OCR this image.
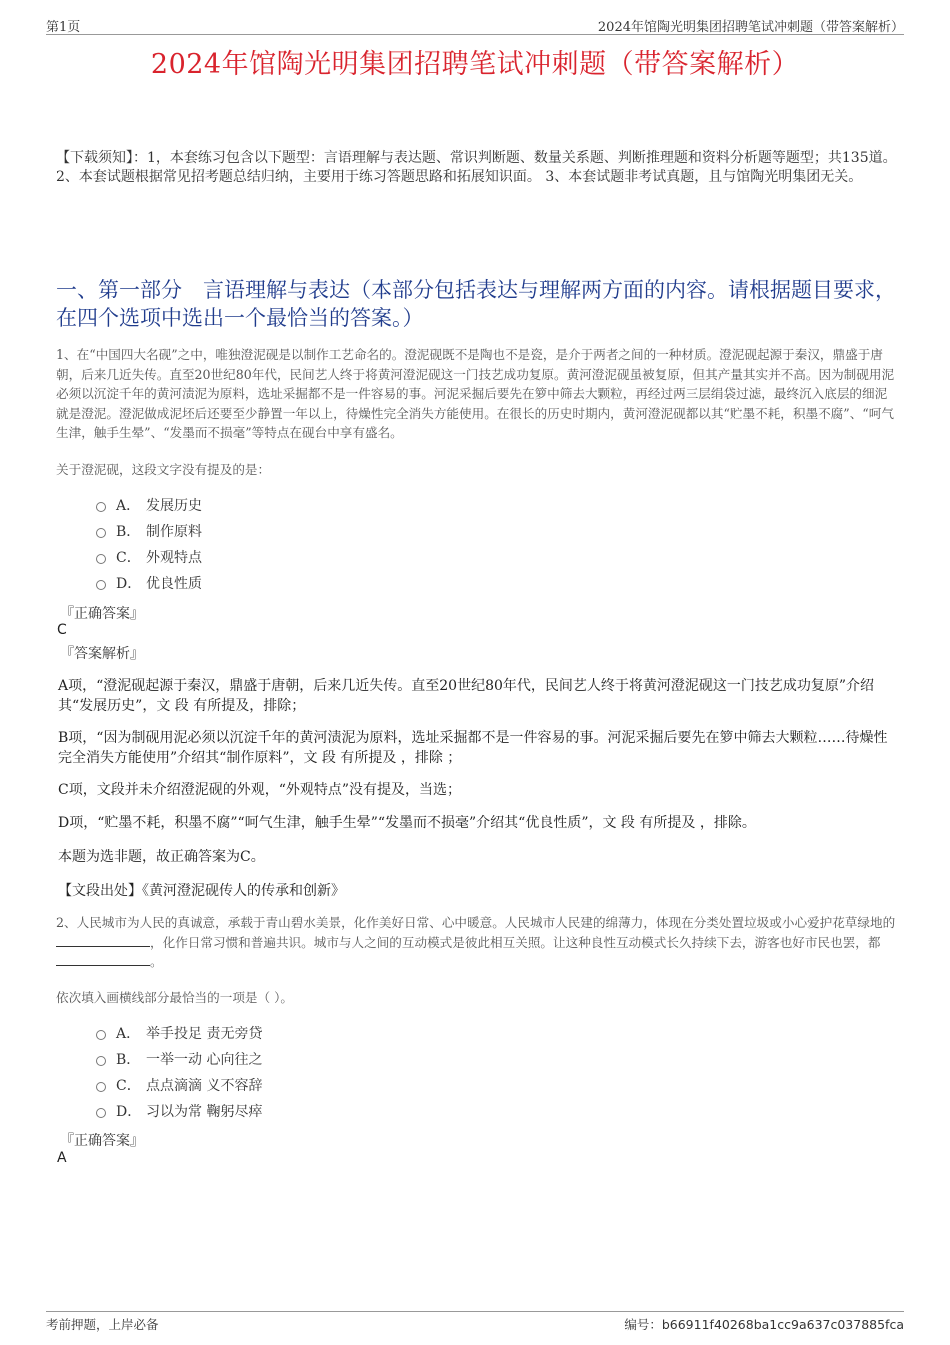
第1页	2024年馆陶光明集团招聘笔试冲刺题（带答案解析）
2024年馆陶光明集团招聘笔试冲刺题（带答案解析）
【下载须知】：1，本套练习包含以下题型：言语理解与表达题、常识判断题、数量关系题、判断推理题和资料分析题等题型；共135道。 2、本套试题根据常见招考题总结归纳，主要用于练习答题思路和拓展知识面。 3、本套试题非考试真题，且与馆陶光明集团无关。
一、第一部分　言语理解与表达（本部分包括表达与理解两方面的内容。请根据题目要求，在四个选项中选出一个最恰当的答案。）
1、在“中国四大名砚”之中，唯独澄泥砚是以制作工艺命名的。澄泥砚既不是陶也不是瓷，是介于两者之间的一种材质。澄泥砚起源于秦汉，鼎盛于唐朝，后来几近失传。直至20世纪80年代，民间艺人终于将黄河澄泥砚这一门技艺成功复原。黄河澄泥砚虽被复原，但其产量其实并不高。因为制砚用泥必须以沉淀千年的黄河渍泥为原料，选址采掘都不是一件容易的事。河泥采掘后要先在箩中筛去大颗粒，再经过两三层绢袋过滤，最终沉入底层的细泥就是澄泥。澄泥做成泥坯后还要至少静置一年以上，待燥性完全消失方能使用。在很长的历史时期内，黄河澄泥砚都以其“贮墨不耗，积墨不腐”、“呵气生津，触手生晕”、“发墨而不损毫”等特点在砚台中享有盛名。
关于澄泥砚，这段文字没有提及的是：
A． 发展历史
B． 制作原料
C． 外观特点
D． 优良性质
『正确答案』
C
『答案解析』
A项，“澄泥砚起源于秦汉，鼎盛于唐朝，后来几近失传。直至20世纪80年代，民间艺人终于将黄河澄泥砚这一门技艺成功复原”介绍 其“发展历史”，文 段 有所提及，排除；
B项，“因为制砚用泥必须以沉淀千年的黄河渍泥为原料，选址采掘都不是一件容易的事。河泥采掘后要先在箩中筛去大颗粒……待燥性完全消失方能使用”介绍其“制作原料”，文 段 有所提及 ，排除 ；
C项，文段并未介绍澄泥砚的外观，“外观特点”没有提及，当选；
D项，“贮墨不耗，积墨不腐”“呵气生津，触手生晕”“发墨而不损毫”介绍其“优良性质”，文 段 有所提及 ，排除。
本题为选非题，故正确答案为C。
【文段出处】《黄河澄泥砚传人的传承和创新》
2、人民城市为人民的真诚意，承载于青山碧水美景，化作美好日常、心中暖意。人民城市人民建的绵薄力，体现在分类处置垃圾或小心爱护花草绿地的，化作日常习惯和普遍共识。城市与人之间的互动模式是彼此相互关照。让这种良性互动模式长久持续下去，游客也好市民也罢，都。
依次填入画横线部分最恰当的一项是（ ）。
A． 举手投足 责无旁贷
B． 一举一动 心向往之
C． 点点滴滴 义不容辞
D． 习以为常 鞠躬尽瘁
『正确答案』
A
考前押题，上岸必备	编号：b66911f40268ba1cc9a637c037885fca
